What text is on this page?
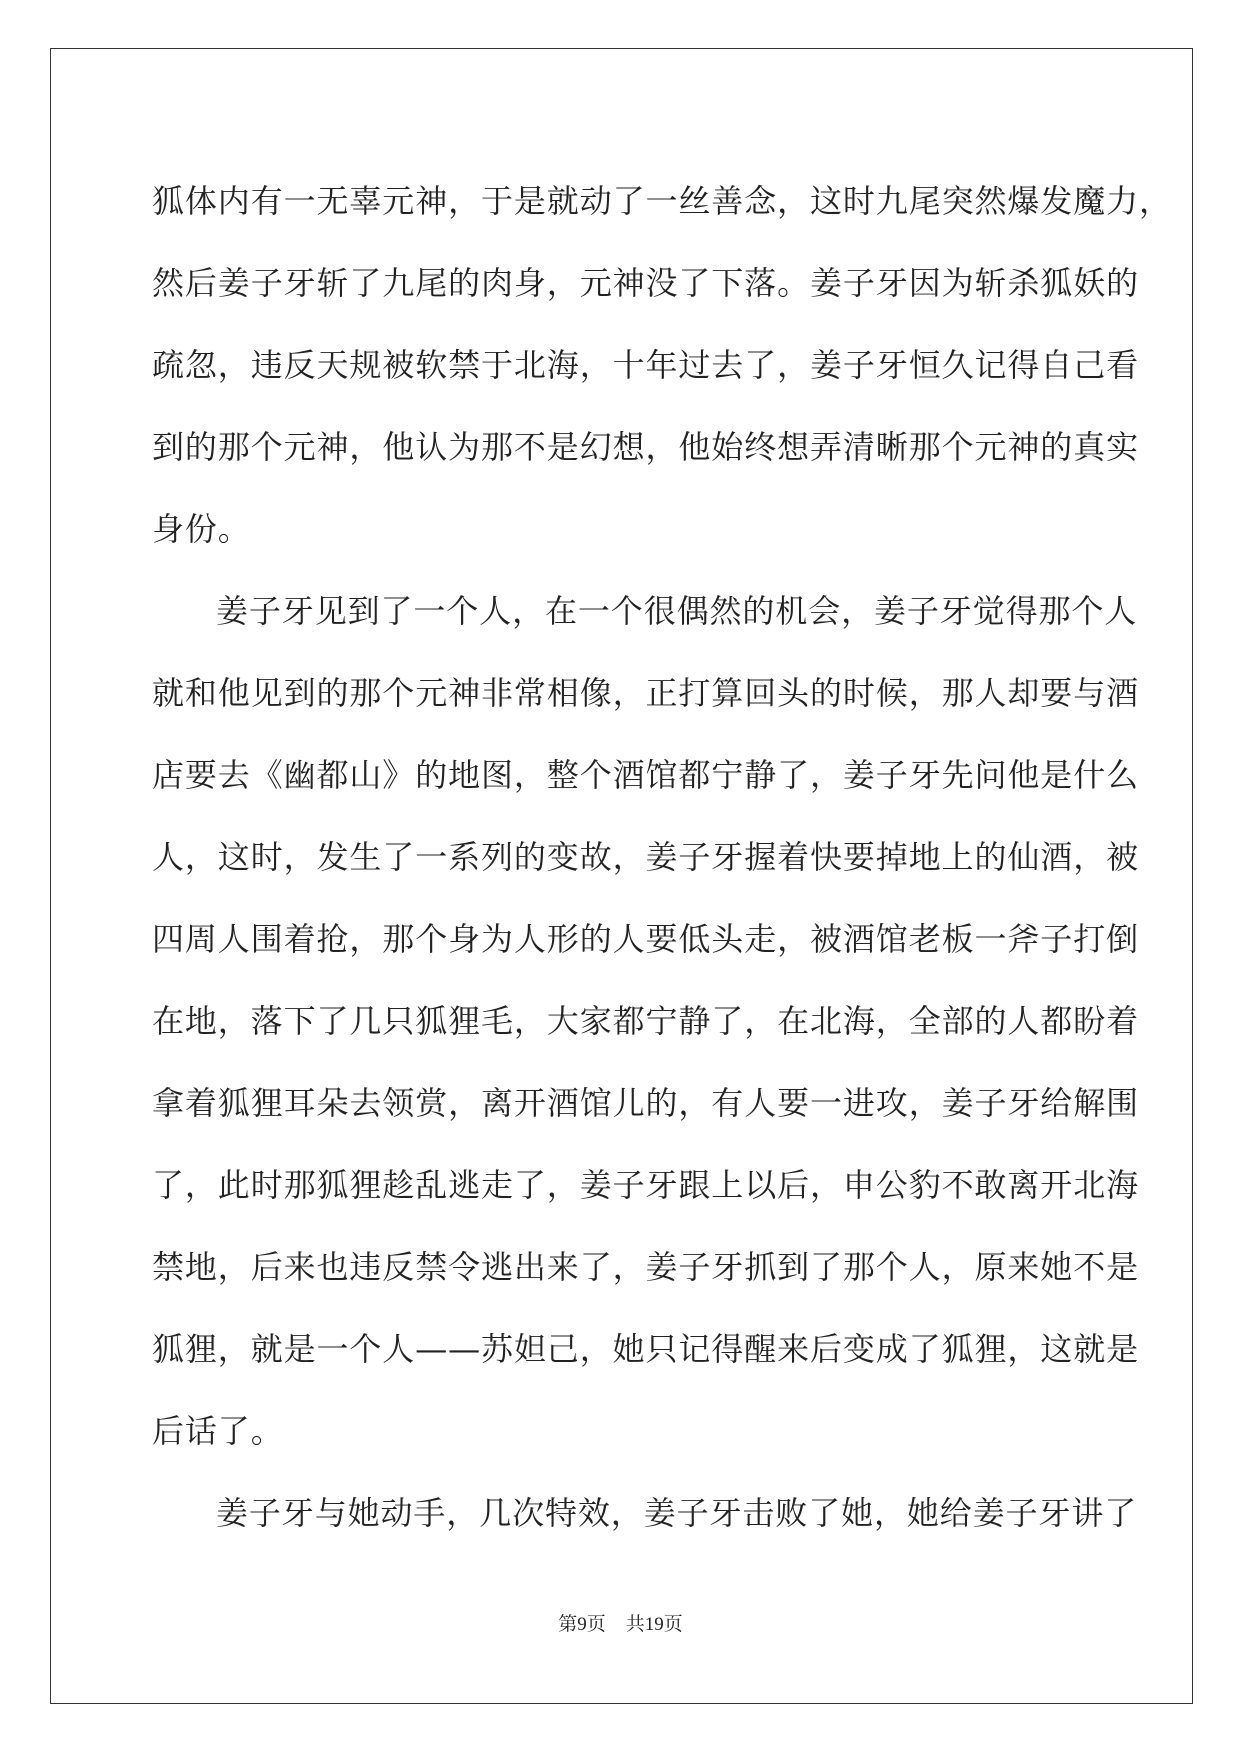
狐体内有一无辜元神，于是就动了一丝善念，这时九尾突然爆发魔力，
然后姜子牙斩了九尾的肉身，元神没了下落。姜子牙因为斩杀狐妖的
疏忽，违反天规被软禁于北海，十年过去了，姜子牙恒久记得自己看
到的那个元神，他认为那不是幻想，他始终想弄清晰那个元神的真实
身份。
姜子牙见到了一个人，在一个很偶然的机会，姜子牙觉得那个人
就和他见到的那个元神非常相像，正打算回头的时候，那人却要与酒
店要去《幽都山》的地图，整个酒馆都宁静了，姜子牙先问他是什么
人，这时，发生了一系列的变故，姜子牙握着快要掉地上的仙酒，被
四周人围着抢，那个身为人形的人要低头走，被酒馆老板一斧子打倒
在地，落下了几只狐狸毛，大家都宁静了，在北海，全部的人都盼着
拿着狐狸耳朵去领赏，离开酒馆儿的，有人要一进攻，姜子牙给解围
了，此时那狐狸趁乱逃走了，姜子牙跟上以后，申公豹不敢离开北海
禁地，后来也违反禁令逃出来了，姜子牙抓到了那个人，原来她不是
狐狸，就是一个人——苏妲己，她只记得醒来后变成了狐狸，这就是
后话了。
姜子牙与她动手，几次特效，姜子牙击败了她，她给姜子牙讲了
第9页 共19页
